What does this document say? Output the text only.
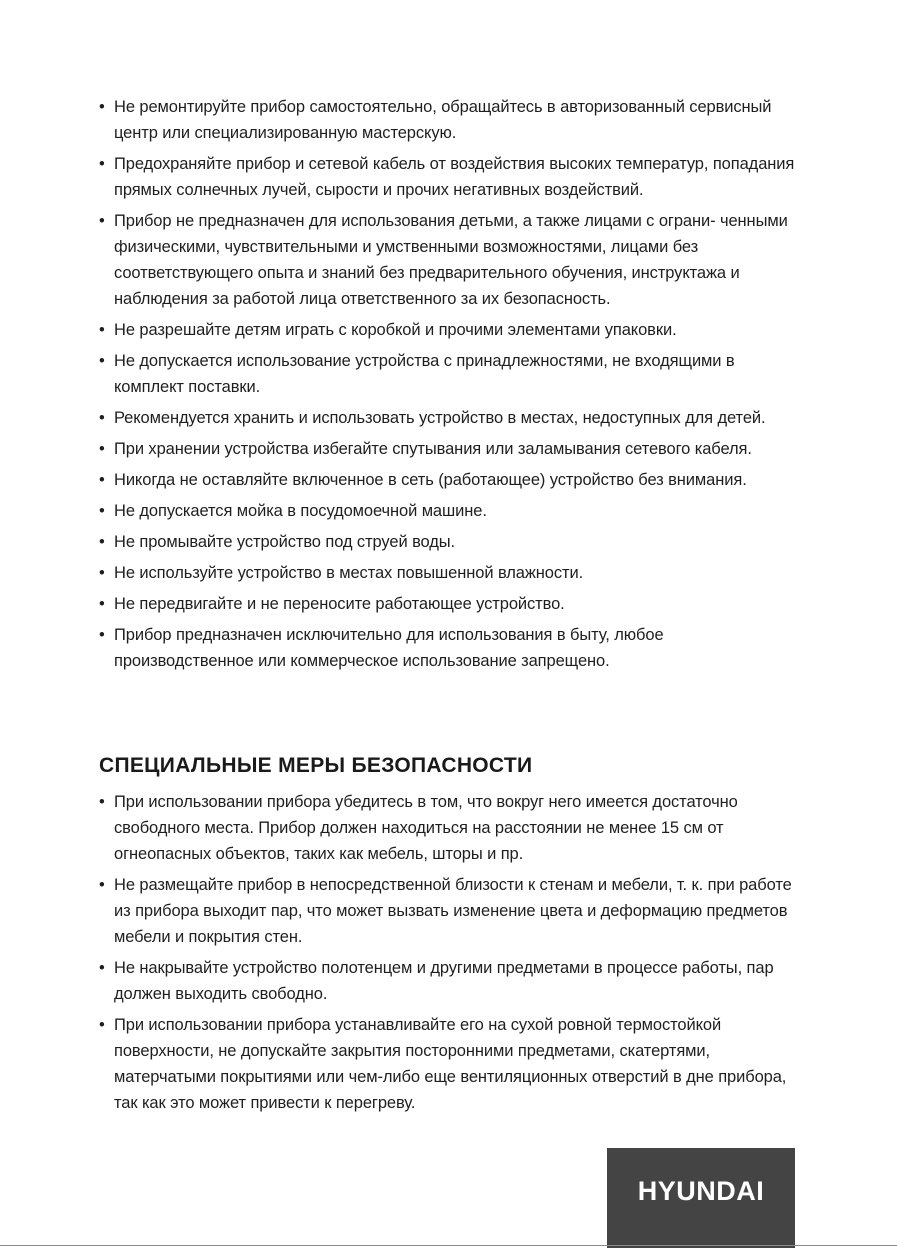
• Не ремонтируйте прибор самостоятельно, обращайтесь в авторизованный сервисный центр или специализированную мастерскую.
• Предохраняйте прибор и сетевой кабель от воздействия высоких температур, попадания прямых солнечных лучей, сырости и прочих негативных воздействий.
• Прибор не предназначен для использования детьми, а также лицами с ограни- ченными физическими, чувствительными и умственными возможностями, лицами без соответствующего опыта и знаний без предварительного обучения, инструктажа и наблюдения за работой лица ответственного за их безопасность.
• Не разрешайте детям играть с коробкой и прочими элементами упаковки.
• Не допускается использование устройства с принадлежностями, не входящими в комплект поставки.
• Рекомендуется хранить и использовать устройство в местах, недоступных для детей.
• При хранении устройства избегайте спутывания или заламывания сетевого кабеля.
• Никогда не оставляйте включенное в сеть (работающее) устройство без внимания.
• Не допускается мойка в посудомоечной машине.
• Не промывайте устройство под струей воды.
• Не используйте устройство в местах повышенной влажности.
• Не передвигайте и не переносите работающее устройство.
• Прибор предназначен исключительно для использования в быту, любое производственное или коммерческое использование запрещено.
СПЕЦИАЛЬНЫЕ МЕРЫ БЕЗОПАСНОСТИ
• При использовании прибора убедитесь в том, что вокруг него имеется достаточно свободного места. Прибор должен находиться на расстоянии не менее 15 см от огнеопасных объектов, таких как мебель, шторы и пр.
• Не размещайте прибор в непосредственной близости к стенам и мебели, т. к. при работе из прибора выходит пар, что может вызвать изменение цвета и деформацию предметов мебели и покрытия стен.
• Не накрывайте устройство полотенцем и другими предметами в процессе работы, пар должен выходить свободно.
• При использовании прибора устанавливайте его на сухой ровной термостойкой поверхности, не допускайте закрытия посторонними предметами, скатертями, матерчатыми покрытиями или чем-либо еще вентиляционных отверстий в дне прибора, так как это может привести к перегреву.
HYUNDAI
